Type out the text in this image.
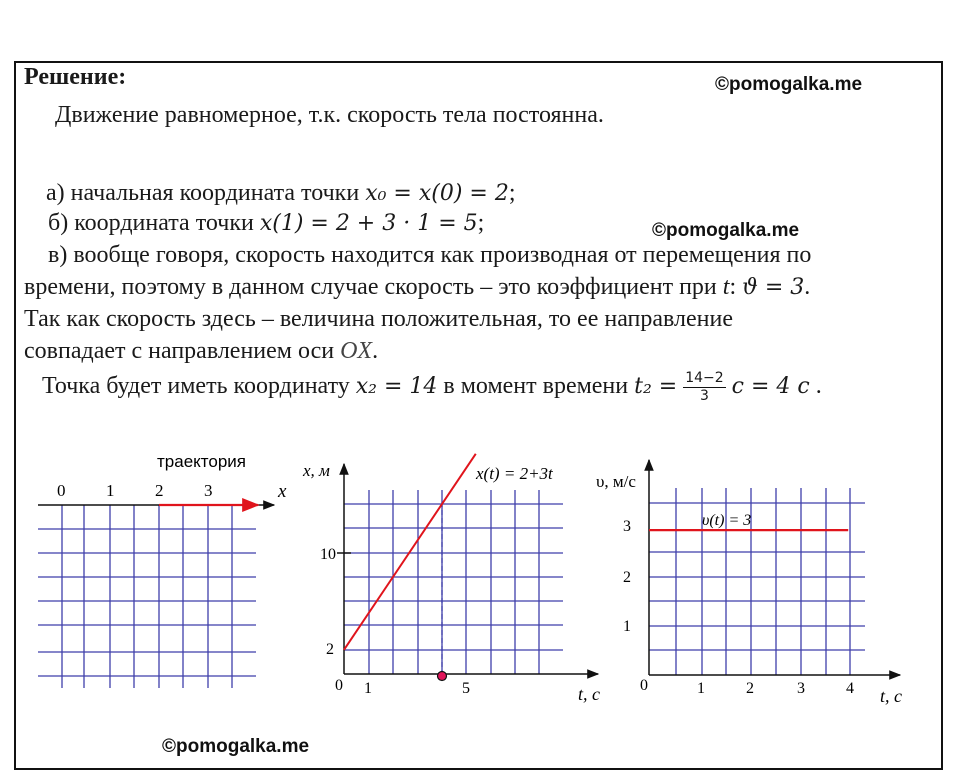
Решение:	©pomogalka.me
©pomogalka.me
©pomogalka.me
Движение равномерное, т.к. скорость тела постоянна.
а) начальная координата точки x₀ = x(0) = 2;
б) координата точки x(1) = 2 + 3 · 1 = 5;
в) вообще говоря, скорость находится как производная от перемещения по
времени, поэтому в данном случае скорость – это коэффициент при t: ϑ = 3.
Так как скорость здесь – величина положительная, то ее направление
совпадает с направлением оси OX.
Точка будет иметь координату x₂ = 14 в момент времени $t_2 = \frac{14-2}{3}$ c = 4 c .
траектория
x
0 1 2 3
x, м	x(t) = 2+3t
t, с
0 1	5
2
10
υ, м/с
υ(t) = 3
t, с
0	1	2	3	4
1
2
3
